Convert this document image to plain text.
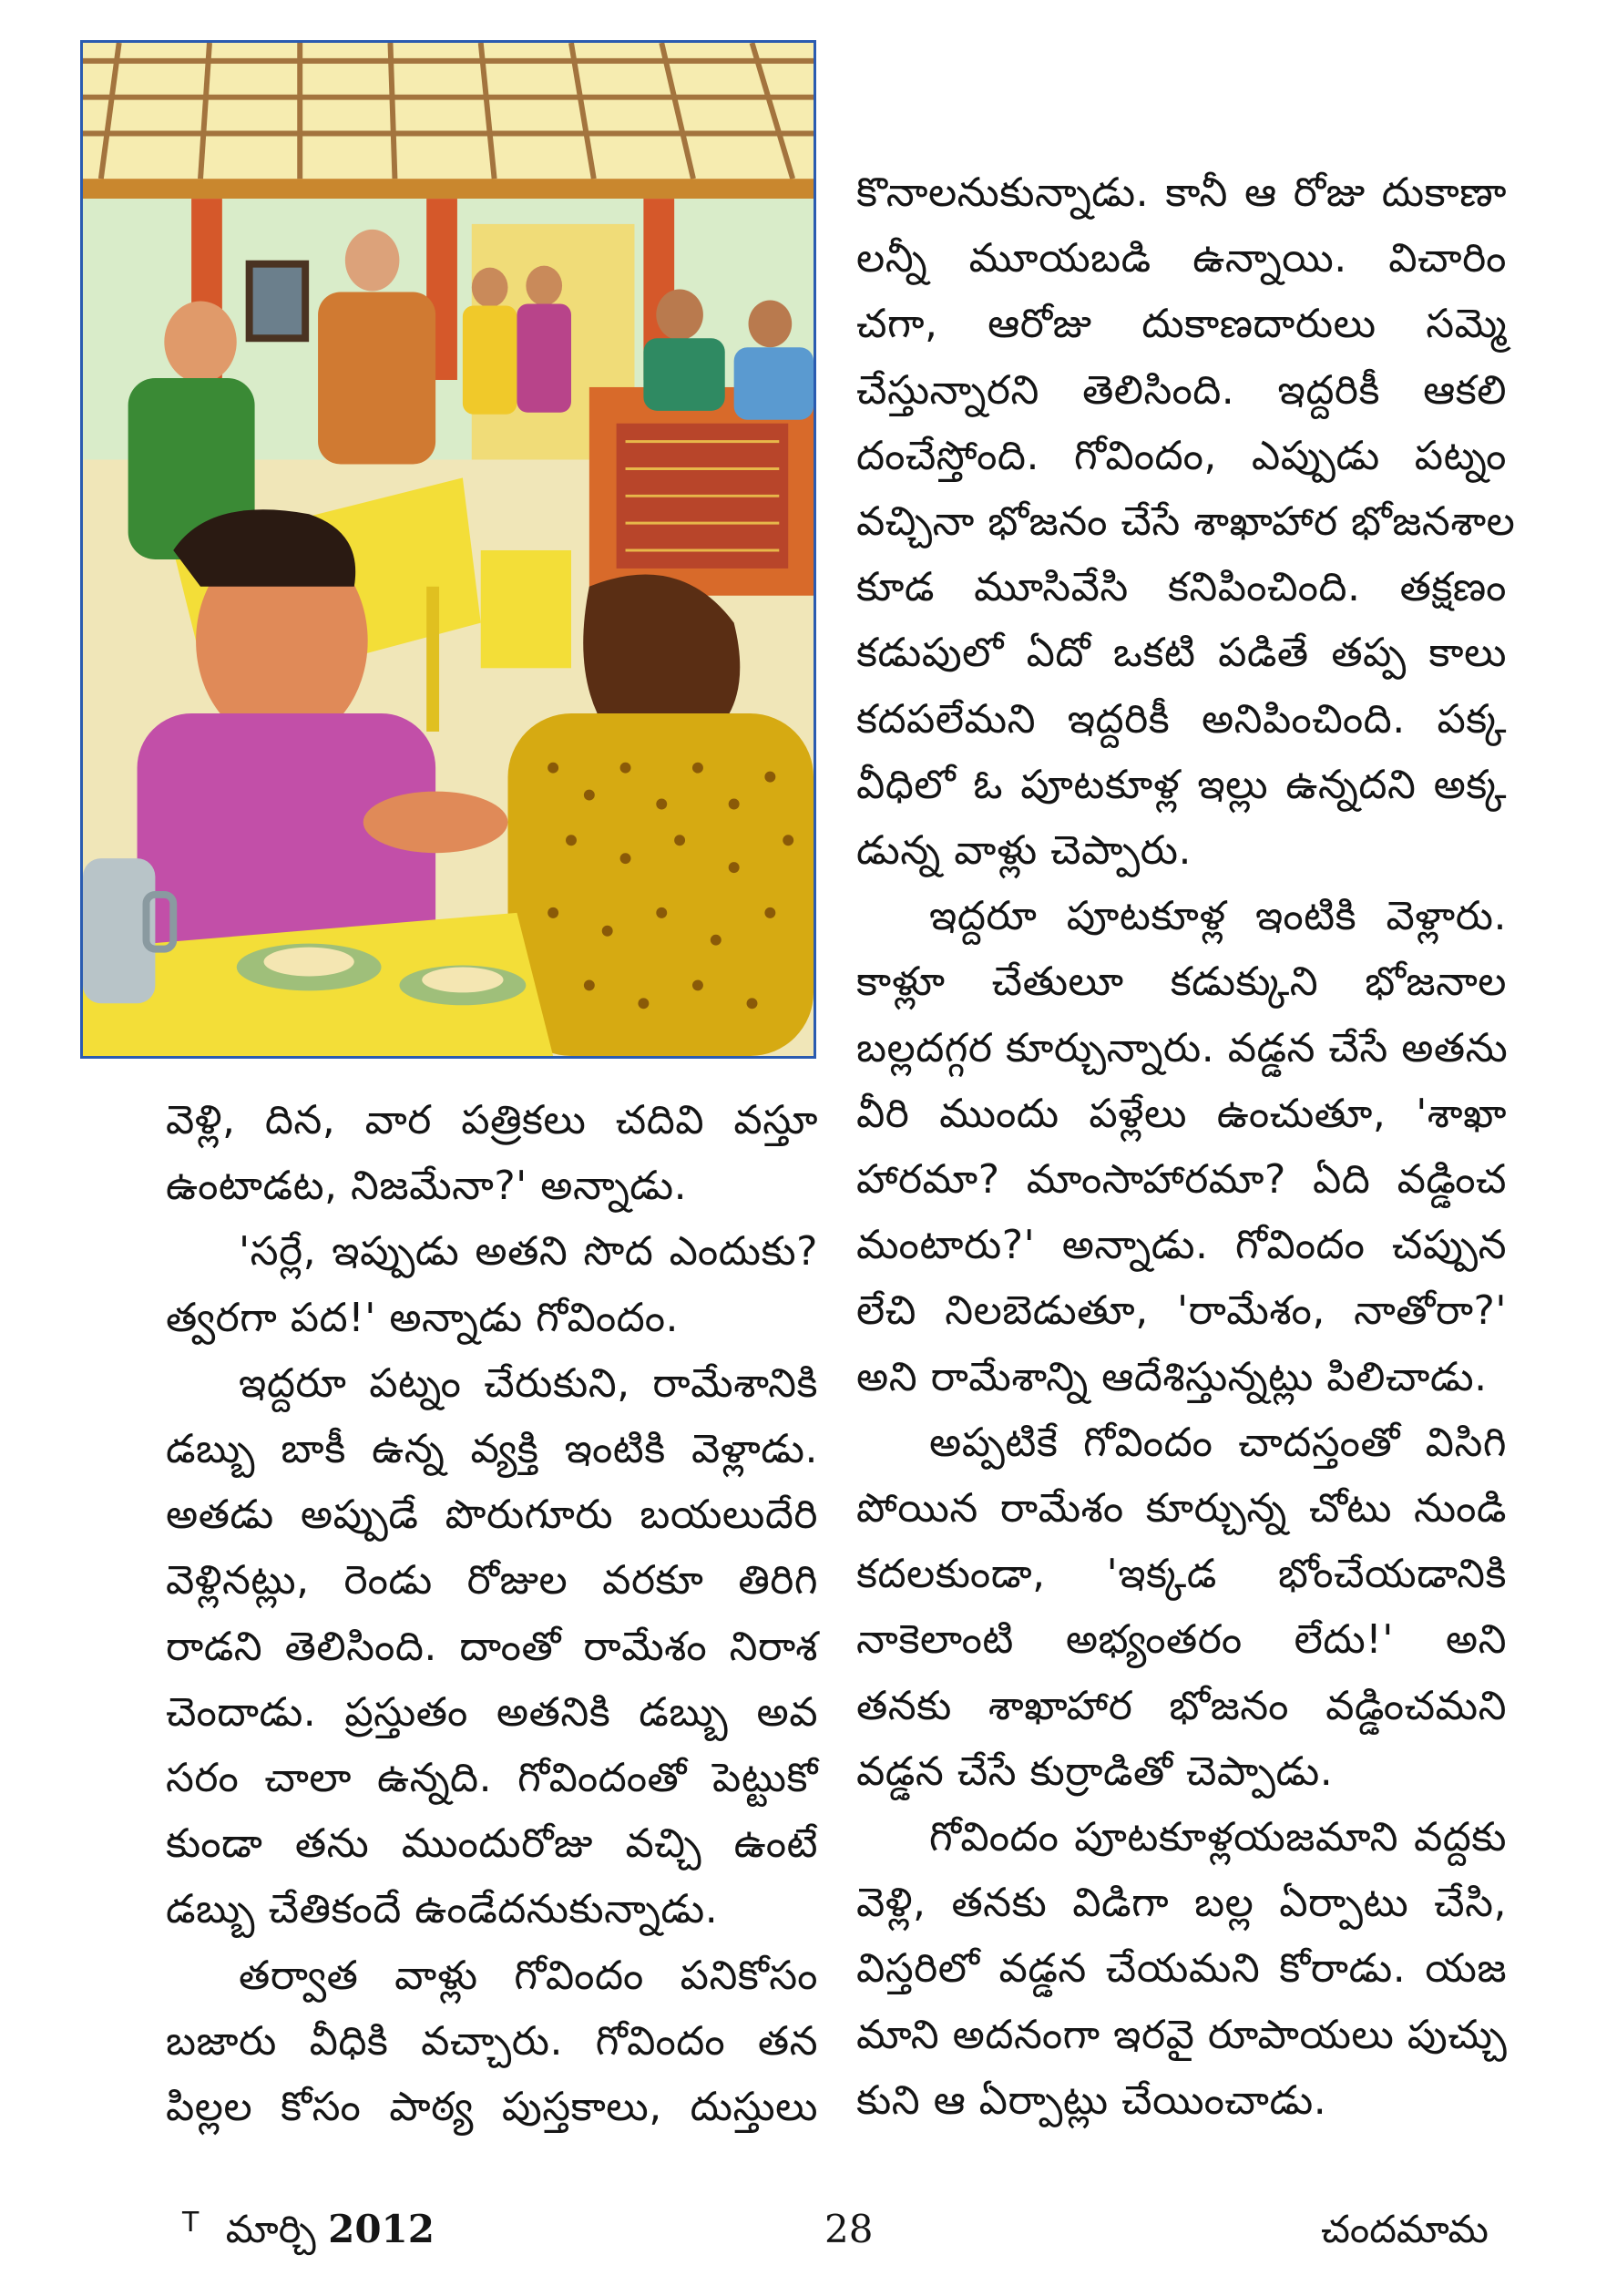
వెళ్లి, దిన, వార పత్రికలు చదివి వస్తూ
ఉంటాడట, నిజమేనా?' అన్నాడు.
'సర్లే, ఇప్పుడు అతని సొద ఎందుకు?
త్వరగా పద!' అన్నాడు గోవిందం.
ఇద్దరూ పట్నం చేరుకుని, రామేశానికి
డబ్బు బాకీ ఉన్న వ్యక్తి ఇంటికి వెళ్లాడు.
అతడు అప్పుడే పొరుగూరు బయలుదేరి
వెళ్లినట్లు, రెండు రోజుల వరకూ తిరిగి
రాడని తెలిసింది. దాంతో రామేశం నిరాశ
చెందాడు. ప్రస్తుతం అతనికి డబ్బు అవ
సరం చాలా ఉన్నది. గోవిందంతో పెట్టుకో
కుండా తను ముందురోజు వచ్చి ఉంటే
డబ్బు చేతికందే ఉండేదనుకున్నాడు.
తర్వాత వాళ్లు గోవిందం పనికోసం
బజారు వీధికి వచ్చారు. గోవిందం తన
పిల్లల కోసం పాఠ్య పుస్తకాలు, దుస్తులు
కొనాలనుకున్నాడు. కానీ ఆ రోజు దుకాణా
లన్నీ మూయబడి ఉన్నాయి. విచారిం
చగా, ఆరోజు దుకాణదారులు సమ్మె
చేస్తున్నారని తెలిసింది. ఇద్దరికీ ఆకలి
దంచేస్తోంది. గోవిందం, ఎప్పుడు పట్నం
వచ్చినా భోజనం చేసే శాఖాహార భోజనశాల
కూడ మూసివేసి కనిపించింది. తక్షణం
కడుపులో ఏదో ఒకటి పడితే తప్ప కాలు
కదపలేమని ఇద్దరికీ అనిపించింది. పక్క
వీధిలో ఓ పూటకూళ్ల ఇల్లు ఉన్నదని అక్క
డున్న వాళ్లు చెప్పారు.
ఇద్దరూ పూటకూళ్ల ఇంటికి వెళ్లారు.
కాళ్లూ చేతులూ కడుక్కుని భోజనాల
బల్లదగ్గర కూర్చున్నారు. వడ్డన చేసే అతను
వీరి ముందు పళ్లేలు ఉంచుతూ, 'శాఖా
హారమా? మాంసాహారమా? ఏది వడ్డించ
మంటారు?' అన్నాడు. గోవిందం చప్పున
లేచి నిలబెడుతూ, 'రామేశం, నాతోరా?'
అని రామేశాన్ని ఆదేశిస్తున్నట్లు పిలిచాడు.
అప్పటికే గోవిందం చాదస్తంతో విసిగి
పోయిన రామేశం కూర్చున్న చోటు నుండి
కదలకుండా, 'ఇక్కడ భోంచేయడానికి
నాకెలాంటి అభ్యంతరం లేదు!' అని
తనకు శాఖాహార భోజనం వడ్డించమని
వడ్డన చేసే కుర్రాడితో చెప్పాడు.
గోవిందం పూటకూళ్లయజమాని వద్దకు
వెళ్లి, తనకు విడిగా బల్ల ఏర్పాటు చేసి,
విస్తరిలో వడ్డన చేయమని కోరాడు. యజ
మాని అదనంగా ఇరవై రూపాయలు పుచ్చు
కుని ఆ ఏర్పాట్లు చేయించాడు.
$^T$ మార్చి 2012	28	చందమామ
